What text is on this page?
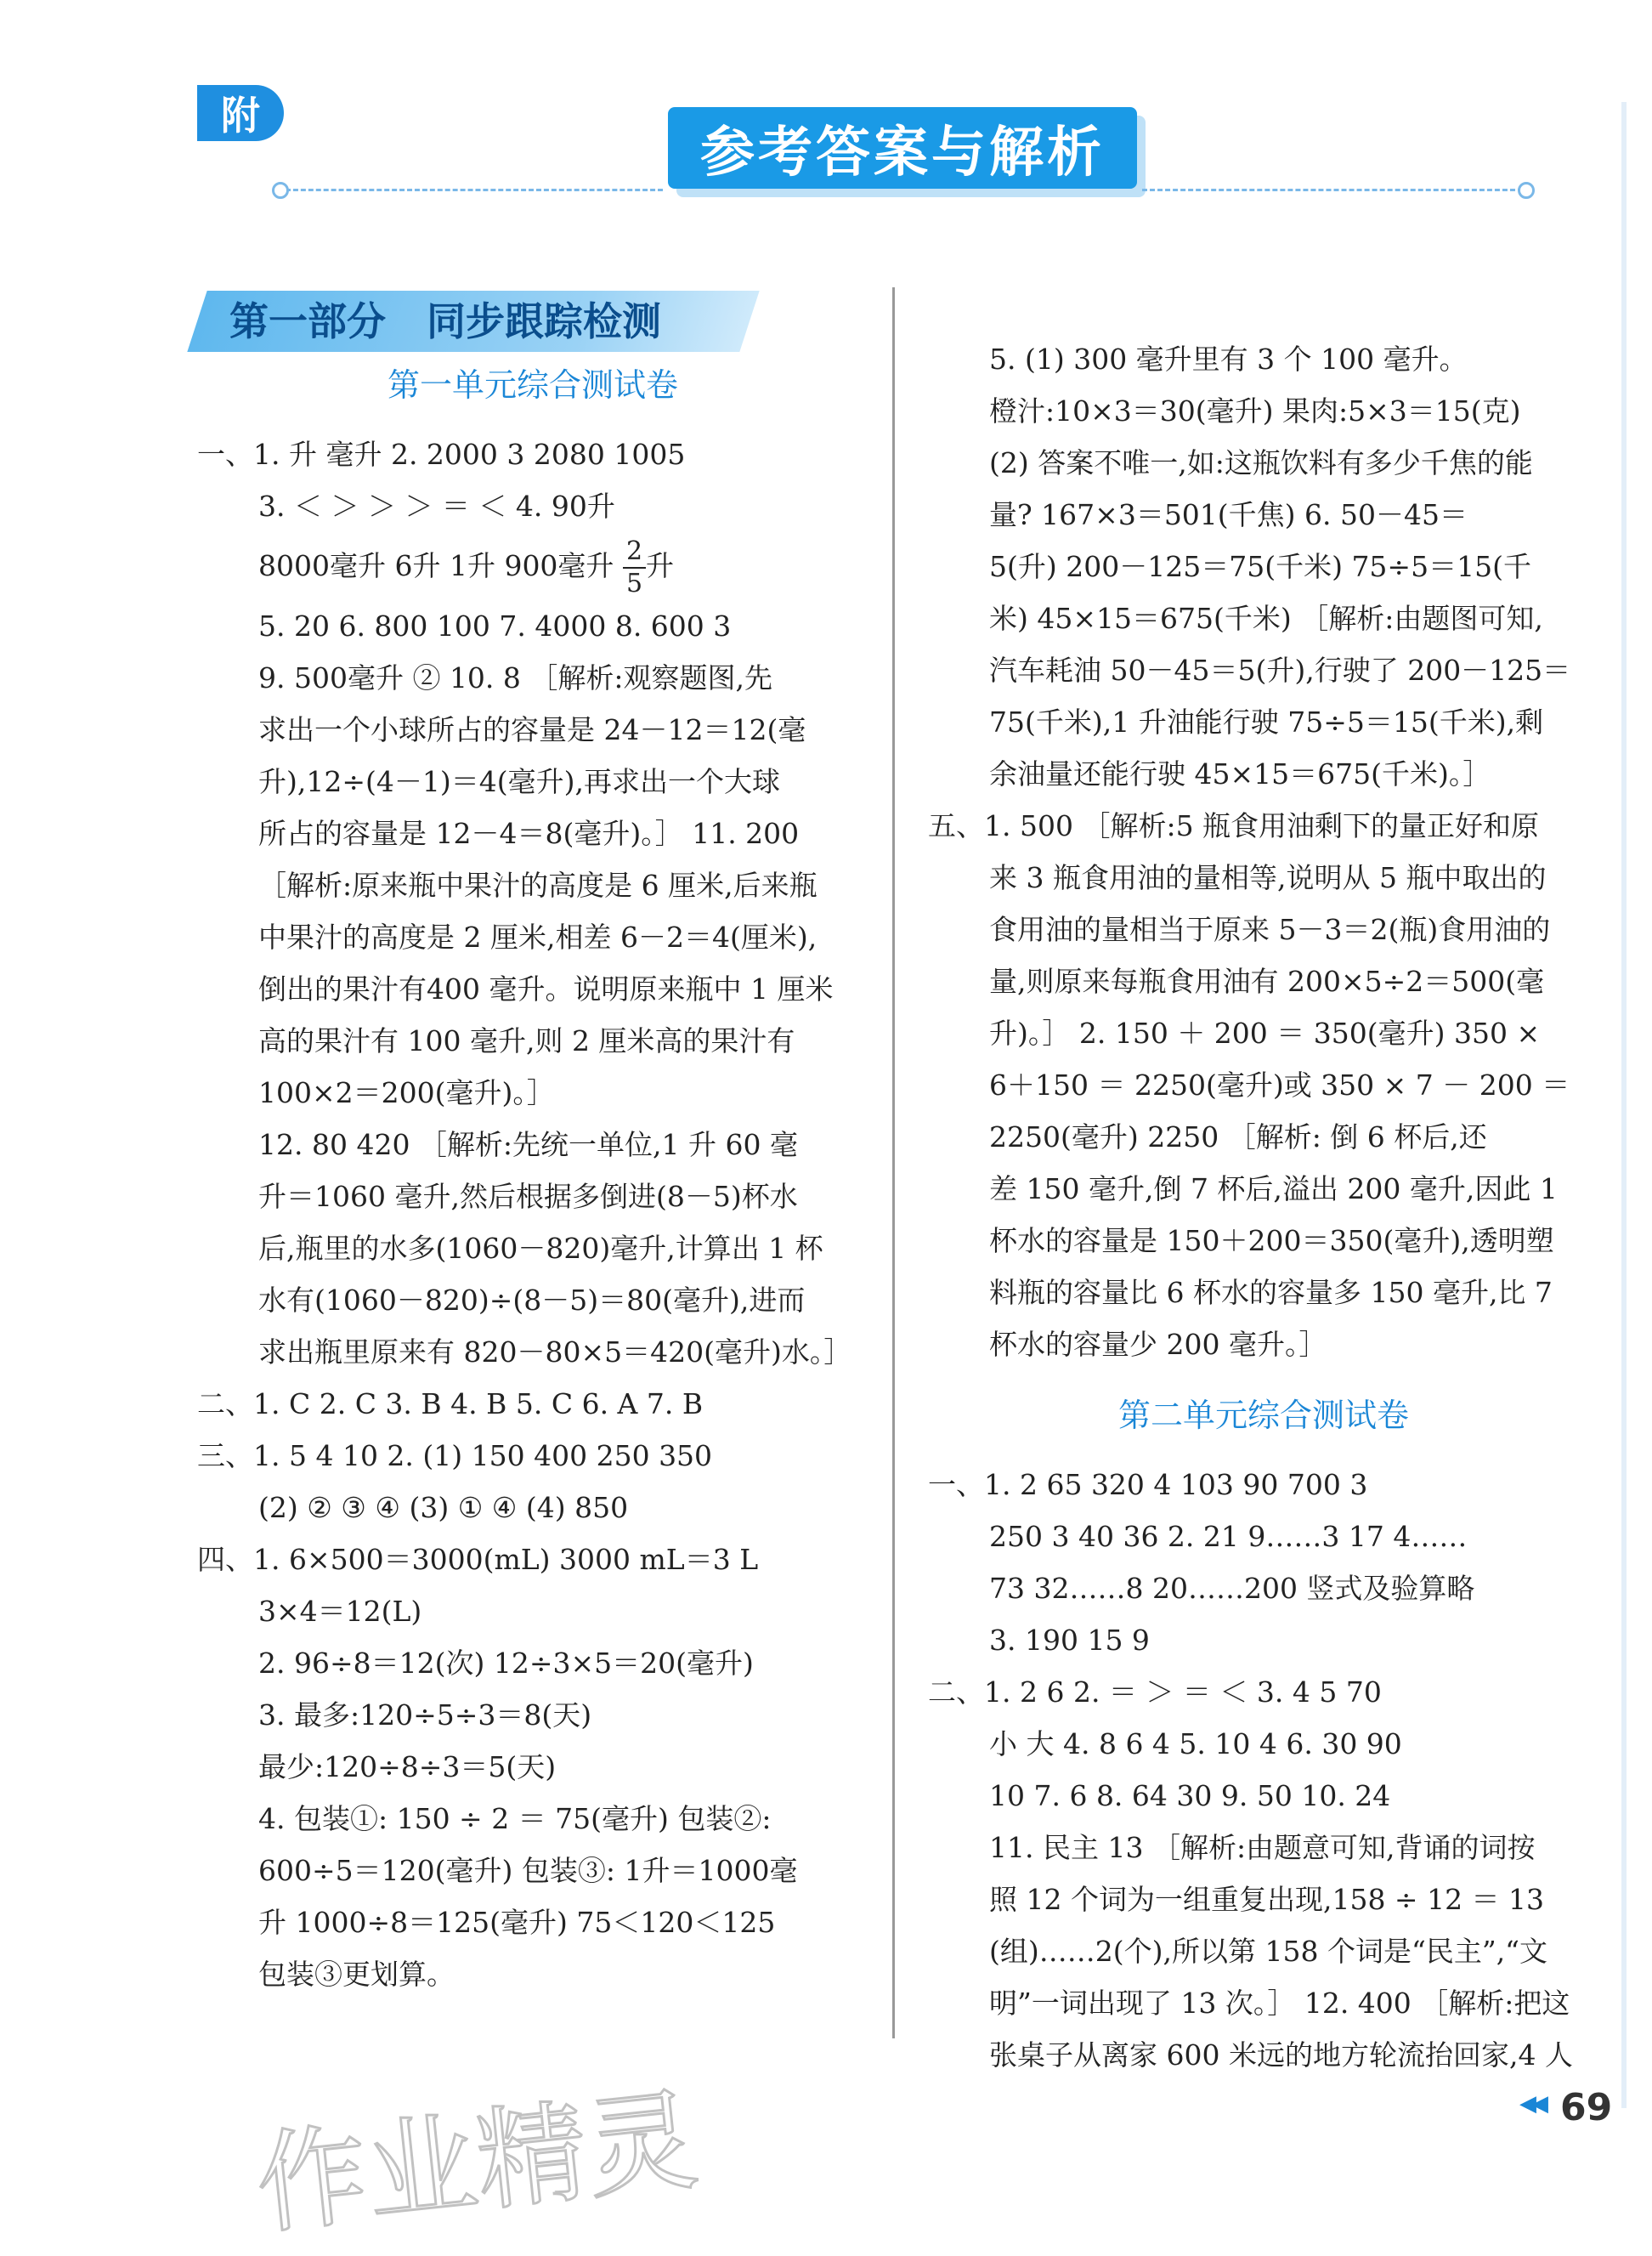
附
参考答案与解析
第一部分   同步跟踪检测
第一单元综合测试卷

一、1. 升 毫升 2. 2000 3 2080 1005

3. ＜ ＞ ＞ ＞ ＝ ＜ 4. 90升

8000毫升 6升 1升 900毫升 $\frac{2}{5}$ 升

5. 20 6. 800 100 7. 4000 8. 600 3

9. 500毫升 ② 10. 8 ［解析:观察题图,先

求出一个小球所占的容量是 24－12＝12(毫

升),12÷(4－1)＝4(毫升),再求出一个大球

所占的容量是 12－4＝8(毫升)。］ 11. 200

［解析:原来瓶中果汁的高度是 6 厘米,后来瓶

中果汁的高度是 2 厘米,相差 6－2＝4(厘米),

倒出的果汁有400 毫升。说明原来瓶中 1 厘米

高的果汁有 100 毫升,则 2 厘米高的果汁有

100×2＝200(毫升)。］

12. 80 420 ［解析:先统一单位,1 升 60 毫

升＝1060 毫升,然后根据多倒进(8－5)杯水

后,瓶里的水多(1060－820)毫升,计算出 1 杯

水有(1060－820)÷(8－5)＝80(毫升),进而

求出瓶里原来有 820－80×5＝420(毫升)水。］

二、1. C 2. C 3. B 4. B 5. C 6. A 7. B

三、1. 5 4 10 2. (1) 150 400 250 350

(2) ② ③ ④ (3) ① ④ (4) 850

四、1. 6×500＝3000(mL) 3000 mL＝3 L

3×4＝12(L)

2. 96÷8＝12(次) 12÷3×5＝20(毫升)

3. 最多:120÷5÷3＝8(天)

最少:120÷8÷3＝5(天)

4. 包装①: 150 ÷ 2 ＝ 75(毫升) 包装②:

600÷5＝120(毫升) 包装③: 1升＝1000毫

升 1000÷8＝125(毫升) 75＜120＜125

包装③更划算。

5. (1) 300 毫升里有 3 个 100 毫升。

橙汁:10×3＝30(毫升) 果肉:5×3＝15(克)

(2) 答案不唯一,如:这瓶饮料有多少千焦的能

量? 167×3＝501(千焦) 6. 50－45＝

5(升) 200－125＝75(千米) 75÷5＝15(千

米) 45×15＝675(千米) ［解析:由题图可知,

汽车耗油 50－45＝5(升),行驶了 200－125＝

75(千米),1 升油能行驶 75÷5＝15(千米),剩

余油量还能行驶 45×15＝675(千米)。］

五、1. 500 ［解析:5 瓶食用油剩下的量正好和原

来 3 瓶食用油的量相等,说明从 5 瓶中取出的

食用油的量相当于原来 5－3＝2(瓶)食用油的

量,则原来每瓶食用油有 200×5÷2＝500(毫

升)。］ 2. 150 ＋ 200 ＝ 350(毫升) 350 ×

6＋150 ＝ 2250(毫升)或 350 × 7 － 200 ＝

2250(毫升) 2250 ［解析: 倒 6 杯后,还

差 150 毫升,倒 7 杯后,溢出 200 毫升,因此 1

杯水的容量是 150＋200＝350(毫升),透明塑

料瓶的容量比 6 杯水的容量多 150 毫升,比 7

杯水的容量少 200 毫升。］

第二单元综合测试卷

一、1. 2 65 320 4 103 90 700 3

250 3 40 36 2. 21 9……3 17 4……

73 32……8 20……200 竖式及验算略

3. 190 15 9

二、1. 2 6 2. ＝ ＞ ＝ ＜ 3. 4 5 70

小 大 4. 8 6 4 5. 10 4 6. 30 90

10 7. 6 8. 64 30 9. 50 10. 24

11. 民主 13 ［解析:由题意可知,背诵的词按

照 12 个词为一组重复出现,158 ÷ 12 ＝ 13

(组)……2(个),所以第 158 个词是“民主”,“文

明”一词出现了 13 次。］ 12. 400 ［解析:把这

张桌子从离家 600 米远的地方轮流抬回家,4 人

作业精灵	◀◀ 69
